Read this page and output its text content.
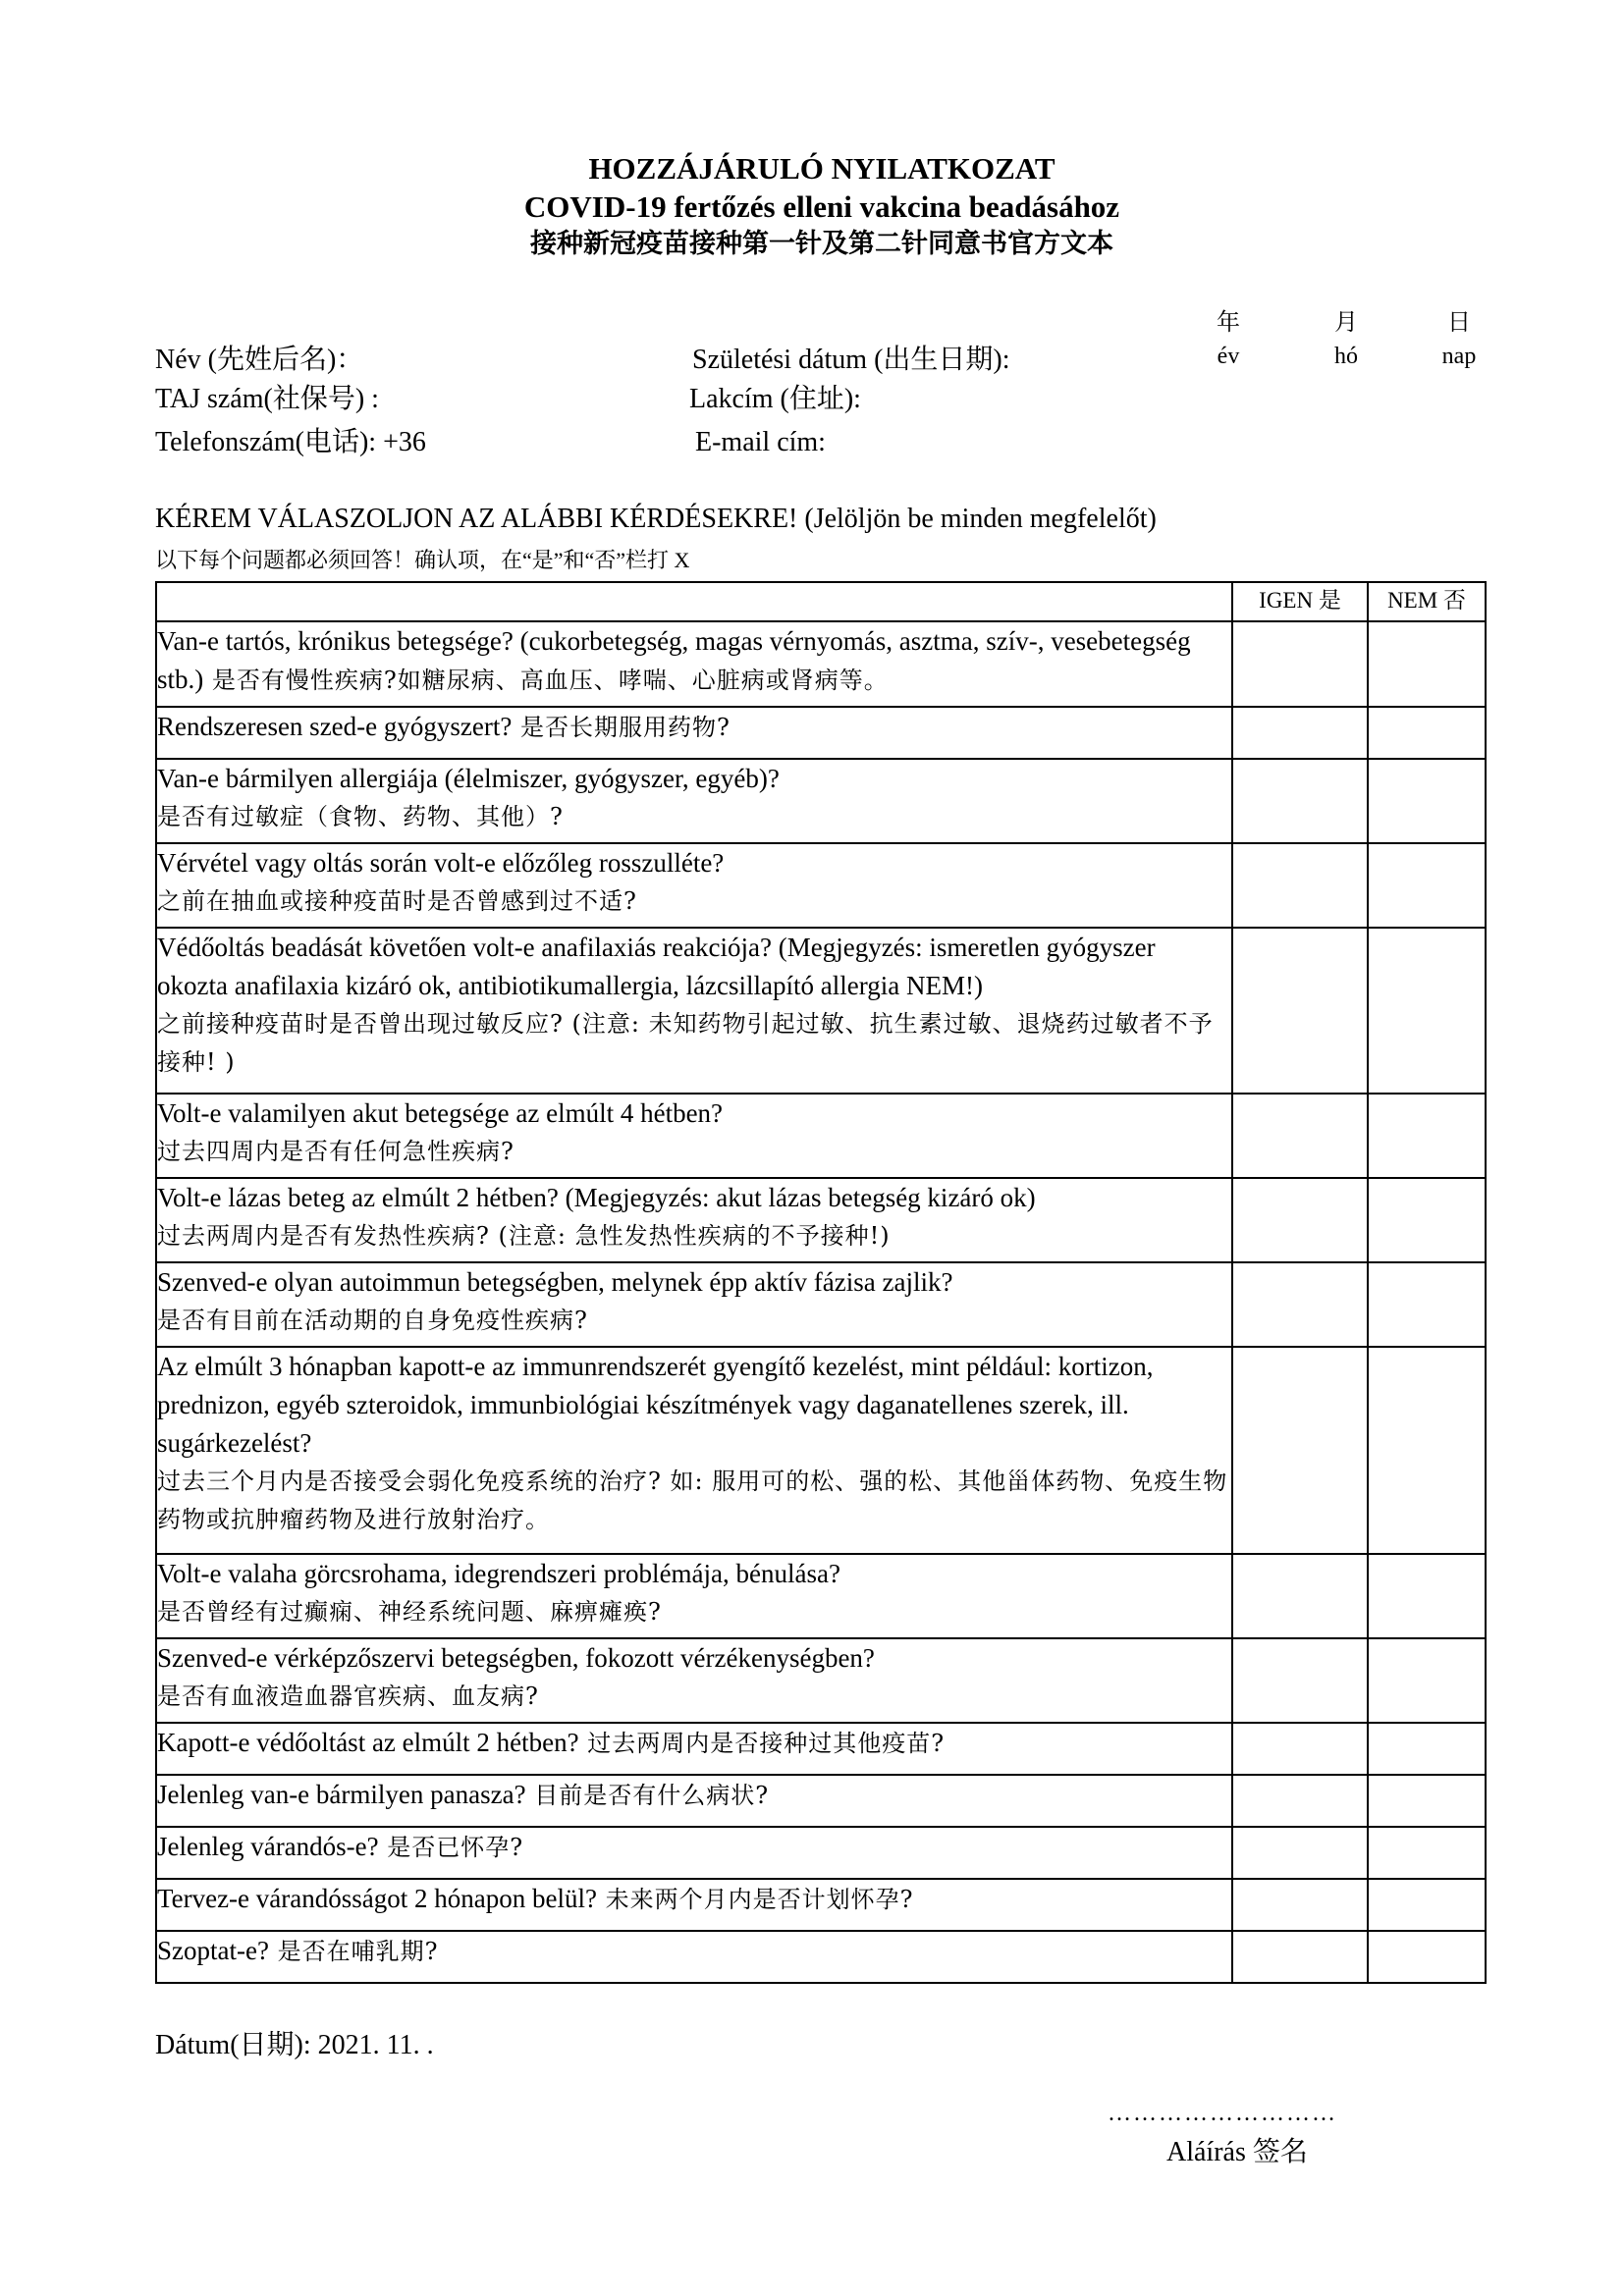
HOZZÁJÁRULÓ NYILATKOZAT
COVID-19 fertőzés elleni vakcina beadásához
接种新冠疫苗接种第一针及第二针同意书官方文本
年	月	日
év	hó	nap
Név (先姓后名)：	Születési dátum (出生日期):
TAJ szám(社保号) :	Lakcím (住址):
Telefonszám(电话): +36	E-mail cím:
KÉREM VÁLASZOLJON AZ ALÁBBI KÉRDÉSEKRE! (Jelöljön be minden megfelelőt)
以下每个问题都必须回答！确认项，在“是”和“否”栏打 X
	IGEN 是	NEM 否
Van-e tartós, krónikus betegsége? (cukorbetegség, magas vérnyomás, asztma, szív-, vesebetegség stb.) 是否有慢性疾病?如糖尿病、高血压、哮喘、心脏病或肾病等。		
Rendszeresen szed-e gyógyszert? 是否长期服用药物?		

Van-e bármilyen allergiája (élelmiszer, gyógyszer, egyéb)?
是否有过敏症（食物、药物、其他）?		

Vérvétel vagy oltás során volt-e előzőleg rosszulléte?
之前在抽血或接种疫苗时是否曾感到过不适?		

Védőoltás beadását követően volt-e anafilaxiás reakciója? (Megjegyzés: ismeretlen gyógyszer okozta anafilaxia kizáró ok, antibiotikumallergia, lázcsillapító allergia NEM!)
之前接种疫苗时是否曾出现过敏反应? (注意: 未知药物引起过敏、抗生素过敏、退烧药过敏者不予接种! )		

Volt-e valamilyen akut betegsége az elmúlt 4 hétben?
过去四周内是否有任何急性疾病?		

Volt-e lázas beteg az elmúlt 2 hétben? (Megjegyzés: akut lázas betegség kizáró ok)
过去两周内是否有发热性疾病? (注意: 急性发热性疾病的不予接种!)		

Szenved-e olyan autoimmun betegségben, melynek épp aktív fázisa zajlik?
是否有目前在活动期的自身免疫性疾病?		

Az elmúlt 3 hónapban kapott-e az immunrendszerét gyengítő kezelést, mint például: kortizon, prednizon, egyéb szteroidok, immunbiológiai készítmények vagy daganatellenes szerek, ill. sugárkezelést?
过去三个月内是否接受会弱化免疫系统的治疗? 如: 服用可的松、强的松、其他甾体药物、免疫生物药物或抗肿瘤药物及进行放射治疗。		

Volt-e valaha görcsrohama, idegrendszeri problémája, bénulása?
是否曾经有过癫痫、神经系统问题、麻痹瘫痪?		

Szenved-e vérképzőszervi betegségben, fokozott vérzékenységben?
是否有血液造血器官疾病、血友病?		

Kapott-e védőoltást az elmúlt 2 hétben? 过去两周内是否接种过其他疫苗?		
Jelenleg van-e bármilyen panasza? 目前是否有什么病状?		
Jelenleg várandós-e? 是否已怀孕?		
Tervez-e várandósságot 2 hónapon belül? 未来两个月内是否计划怀孕?		
Szoptat-e? 是否在哺乳期?		
Dátum(日期): 2021. 11. .
………………………
Aláírás 签名
